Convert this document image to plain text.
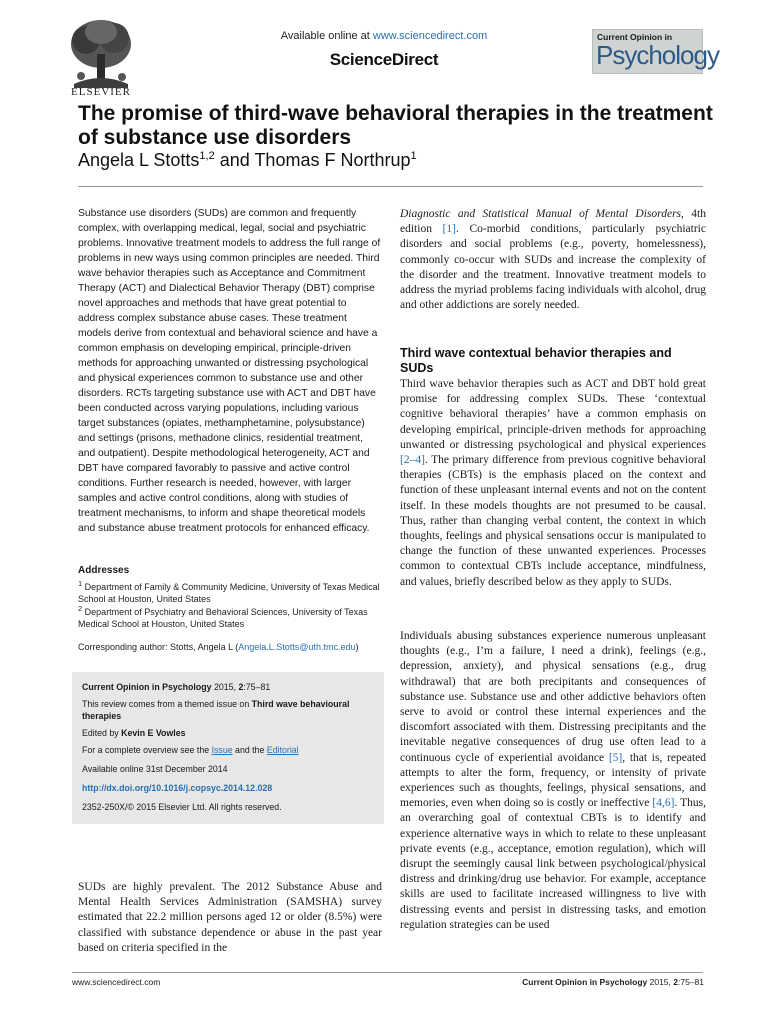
ELSEVIER
Available online at www.sciencedirect.com
ScienceDirect
Current Opinion in
Psychology
The promise of third-wave behavioral therapies in the treatment of substance use disorders
Angela L Stotts$^{1,2}$ and Thomas F Northrup$^1$
Substance use disorders (SUDs) are common and frequently complex, with overlapping medical, legal, social and psychiatric problems. Innovative treatment models to address the full range of problems in new ways using common principles are needed. Third wave behavior therapies such as Acceptance and Commitment Therapy (ACT) and Dialectical Behavior Therapy (DBT) comprise novel approaches and methods that have great potential to address complex substance abuse cases. These treatment models derive from contextual and behavioral science and have a common emphasis on developing empirical, principle-driven methods for approaching unwanted or distressing psychological and physical experiences common to substance use and other disorders. RCTs targeting substance use with ACT and DBT have been conducted across varying populations, including various target substances (opiates, methamphetamine, polysubstance) and settings (prisons, methadone clinics, residential treatment, and outpatient). Despite methodological heterogeneity, ACT and DBT have compared favorably to passive and active control conditions. Further research is needed, however, with larger samples and active control conditions, along with studies of treatment mechanisms, to inform and shape theoretical models and substance abuse treatment protocols for enhanced efficacy.
Addresses
$^1$ Department of Family & Community Medicine, University of Texas Medical School at Houston, United States
$^2$ Department of Psychiatry and Behavioral Sciences, University of Texas Medical School at Houston, United States
Corresponding author: Stotts, Angela L (Angela.L.Stotts@uth.tmc.edu)
Current Opinion in Psychology 2015, 2:75–81
This review comes from a themed issue on Third wave behavioural therapies
Edited by Kevin E Vowles
For a complete overview see the Issue and the Editorial
Available online 31st December 2014
http://dx.doi.org/10.1016/j.copsyc.2014.12.028
2352-250X/© 2015 Elsevier Ltd. All rights reserved.
SUDs are highly prevalent. The 2012 Substance Abuse and Mental Health Services Administration (SAMSHA) survey estimated that 22.2 million persons aged 12 or older (8.5%) were classified with substance dependence or abuse in the past year based on criteria specified in the
Diagnostic and Statistical Manual of Mental Disorders, 4th edition [1]. Co-morbid conditions, particularly psychiatric disorders and social problems (e.g., poverty, homelessness), commonly co-occur with SUDs and increase the complexity of the disorder and the treatment. Innovative treatment models to address the myriad problems facing individuals with alcohol, drug and other addictions are sorely needed.
Third wave contextual behavior therapies and SUDs
Third wave behavior therapies such as ACT and DBT hold great promise for addressing complex SUDs. These ‘contextual cognitive behavioral therapies’ have a common emphasis on developing empirical, principle-driven methods for approaching unwanted or distressing psychological and physical experiences [2–4]. The primary difference from previous cognitive behavioral therapies (CBTs) is the emphasis placed on the context and function of these unpleasant internal events and not on the content itself. In these models thoughts are not presumed to be causal. Thus, rather than changing verbal content, the context in which thoughts, feelings and physical sensations occur is manipulated to change the function of these unwanted experiences. Processes common to contextual CBTs include acceptance, mindfulness, and values, briefly described below as they apply to SUDs.
Individuals abusing substances experience numerous unpleasant thoughts (e.g., I’m a failure, I need a drink), feelings (e.g., depression, anxiety), and physical sensations (e.g., drug withdrawal) that are both precipitants and consequences of substance use. Substance use and other addictive behaviors often serve to avoid or control these internal experiences and the discomfort associated with them. Distressing precipitants and the inevitable negative consequences of drug use often lead to a continuous cycle of experiential avoidance [5], that is, repeated attempts to alter the form, frequency, or intensity of private experiences such as thoughts, feelings, physical sensations, and memories, even when doing so is costly or ineffective [4,6]. Thus, an overarching goal of contextual CBTs is to identify and experience alternative ways in which to relate to these unpleasant private events (e.g., acceptance, emotion regulation), which will disrupt the seemingly causal link between psychological/physical distress and drinking/drug use behavior. For example, acceptance skills are used to facilitate increased willingness to live with distressing events and persist in distressing tasks, and emotion regulation strategies can be used
www.sciencedirect.com	Current Opinion in Psychology 2015, 2:75–81
